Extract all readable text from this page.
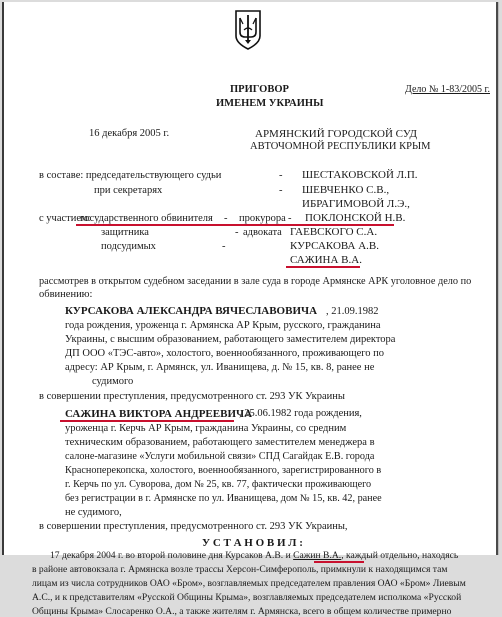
ПРИГОВОР
ИМЕНЕМ УКРАИНЫ
Дело № 1-83/2005 г.
16 декабря 2005 г.	АРМЯНСКИЙ ГОРОДСКОЙ СУД
АВТОЧОМНОЙ РЕСПУБЛИКИ КРЫМ
в составе: председательствующего судьи	- ШЕСТАКОВСКОЙ Л.П.
при секретарях	- ШЕВЧЕНКО С.В.,
ИБРАГИМОВОЙ Л.Э.,
с участием:
государственного обвинителя - прокурора - ПОКЛОНСКОЙ Н.В.
защитника	- адвоката ГАЕВСКОГО С.А.
подсудимых	-	КУРСАКОВА А.В.
САЖИНА В.А.
рассмотрев в открытом судебном заседании в зале суда в городе Армянске АРК уголовное дело по
обвинению:
КУРСАКОВА АЛЕКСАНДРА ВЯЧЕСЛАВОВИЧА , 21.09.1982
года рождения, уроженца г. Армянска АР Крым, русского, гражданина
Украины, с высшим образованием, работающего заместителем директора
ДП ООО «ТЭС-авто», холостого, военнообязанного, проживающего по
адресу: АР Крым, г. Армянск, ул. Иванищева, д. № 15, кв. 8, ранее не
судимого
в совершении преступления, предусмотренного ст. 293 УК Украины
САЖИНА ВИКТОРА АНДРЕЕВИЧА
, 25.06.1982 года рождения,
уроженца г. Керчь АР Крым, гражданина Украины, со средним
техническим образованием, работающего заместителем менеджера в
салоне-магазине «Услуги мобильной связи» СПД Сагайдак Е.В. города
Красноперекопска, холостого, военнообязанного, зарегистрированного в
г. Керчь по ул. Суворова, дом № 25, кв. 77, фактически проживающего
без регистрации в г. Армянске по ул. Иванищева, дом № 15, кв. 42, ранее
не судимого,
в совершении преступления, предусмотренного ст. 293 УК Украины,
У С Т А Н О В И Л :
17 декабря 2004 г. во второй половине дня Курсаков А.В. и Сажин В.А., каждый отдельно, находясь
в районе автовокзала г. Армянска возле трассы Херсон-Симферополь, примкнули к находящимся там
лицам из числа сотрудников ОАО «Бром», возглавляемых председателем правления ОАО «Бром» Лиевым
А.С., и к представителям «Русской Общины Крыма», возглавляемых председателем исполкома «Русской
Общины Крыма» Слосаренко О.А., а также жителям г. Армянска, всего в общем количестве примерно
